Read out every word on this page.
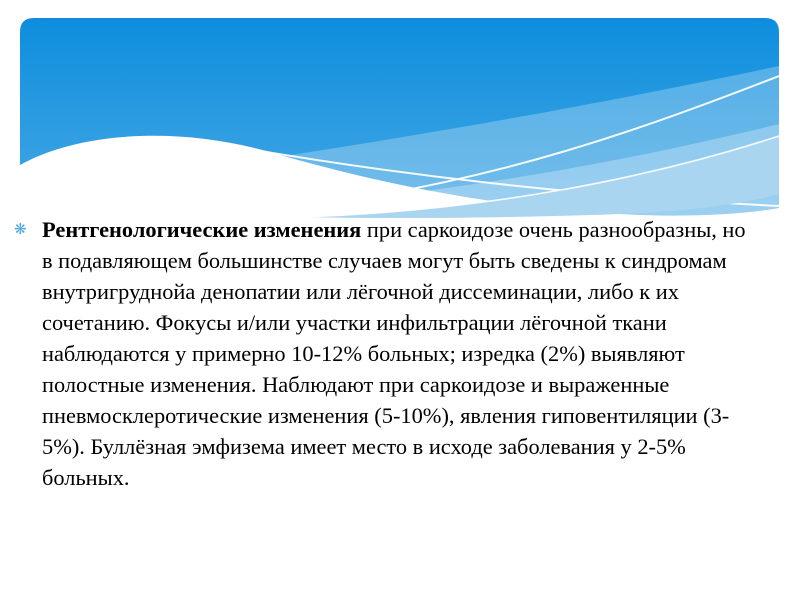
❋ Рентгенологические изменения при саркоидозе очень разнообразны, но в подавляющем большинстве случаев могут быть сведены к синдромам внутригруднойа денопатии или лёгочной диссеминации, либо к их сочетанию. Фокусы и/или участки инфильтрации лёгочной ткани наблюдаются у примерно 10-12% больных; изредка (2%) выявляют полостные изменения. Наблюдают при саркоидозе и выраженные пневмосклеротические изменения (5-10%), явления гиповентиляции (3-5%). Буллёзная эмфизема имеет место в исходе заболевания у 2-5% больных.
